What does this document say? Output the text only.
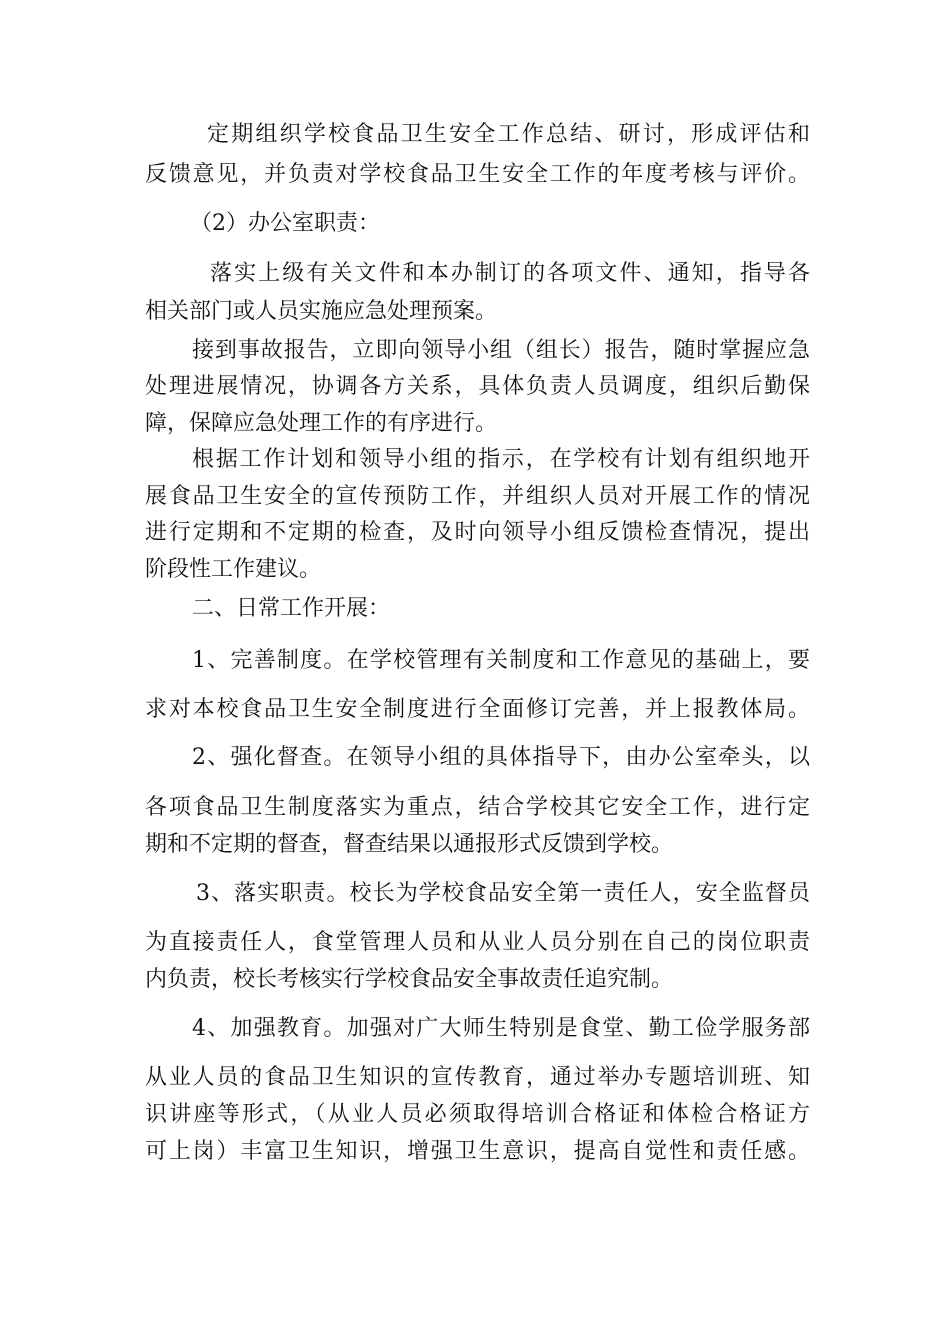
定期组织学校食品卫生安全工作总结、研讨，形成评估和
反馈意见，并负责对学校食品卫生安全工作的年度考核与评价。
（2）办公室职责：
落实上级有关文件和本办制订的各项文件、通知，指导各
相关部门或人员实施应急处理预案。
接到事故报告，立即向领导小组（组长）报告，随时掌握应急
处理进展情况，协调各方关系，具体负责人员调度，组织后勤保
障，保障应急处理工作的有序进行。
根据工作计划和领导小组的指示，在学校有计划有组织地开
展食品卫生安全的宣传预防工作，并组织人员对开展工作的情况
进行定期和不定期的检查，及时向领导小组反馈检查情况，提出
阶段性工作建议。
二、日常工作开展：
1、完善制度。在学校管理有关制度和工作意见的基础上，要
求对本校食品卫生安全制度进行全面修订完善，并上报教体局。
2、强化督查。在领导小组的具体指导下，由办公室牵头，以
各项食品卫生制度落实为重点，结合学校其它安全工作，进行定
期和不定期的督查，督查结果以通报形式反馈到学校。
3、落实职责。校长为学校食品安全第一责任人，安全监督员
为直接责任人，食堂管理人员和从业人员分别在自己的岗位职责
内负责，校长考核实行学校食品安全事故责任追究制。
4、加强教育。加强对广大师生特别是食堂、勤工俭学服务部
从业人员的食品卫生知识的宣传教育，通过举办专题培训班、知
识讲座等形式，（从业人员必须取得培训合格证和体检合格证方
可上岗）丰富卫生知识，增强卫生意识，提高自觉性和责任感。
